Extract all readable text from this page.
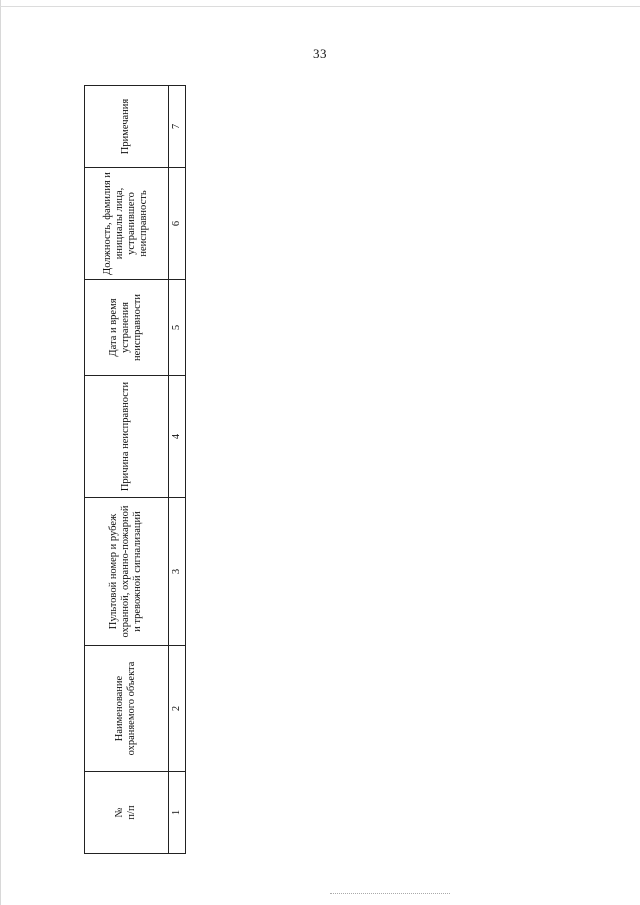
33
№
п/п	Наименование охраняемого объекта	Пультовой номер и рубеж охранной, охранно-пожарной и тревожной сигнализаций	Причина неисправности	Дата и время устранения неисправности	Должность, фамилия и инициалы лица, устранившего неисправность	Примечания
1	2	3	4	5	6	7
